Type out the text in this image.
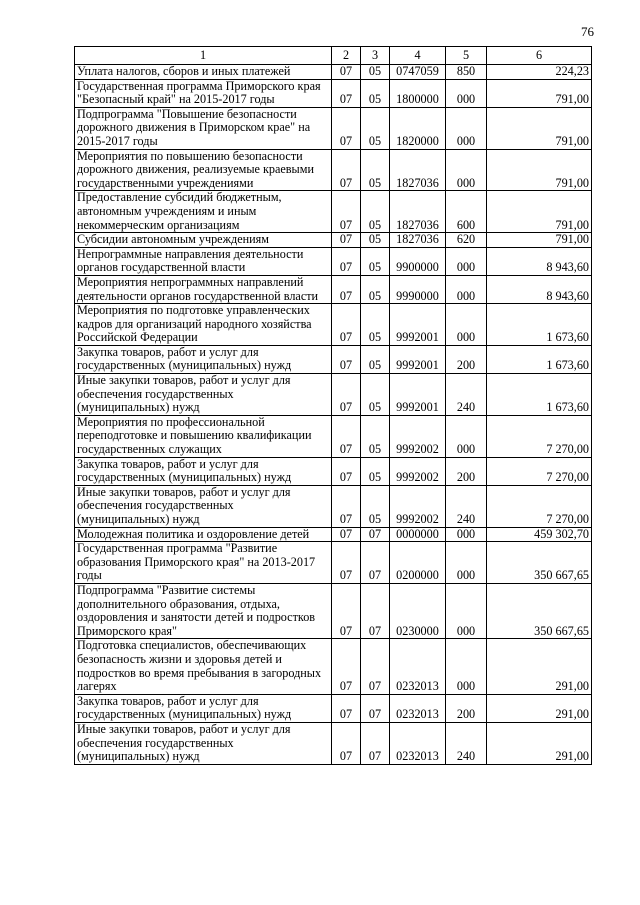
76
1	2	3	4	5	6
Уплата налогов, сборов и иных платежей	07	05	0747059	850	224,23
Государственная программа Приморского края "Безопасный край" на 2015-2017 годы	07	05	1800000	000	791,00
Подпрограмма "Повышение безопасности дорожного движения в Приморском крае" на 2015-2017 годы	07	05	1820000	000	791,00
Мероприятия по повышению безопасности дорожного движения, реализуемые краевыми государственными учреждениями	07	05	1827036	000	791,00
Предоставление субсидий бюджетным, автономным учреждениям и иным некоммерческим организациям	07	05	1827036	600	791,00
Субсидии автономным учреждениям	07	05	1827036	620	791,00
Непрограммные направления деятельности органов государственной власти	07	05	9900000	000	8 943,60
Мероприятия непрограммных направлений деятельности органов государственной власти	07	05	9990000	000	8 943,60
Мероприятия по подготовке управленческих кадров для организаций народного хозяйства Российской Федерации	07	05	9992001	000	1 673,60
Закупка товаров, работ и услуг для государственных (муниципальных) нужд	07	05	9992001	200	1 673,60
Иные закупки товаров, работ и услуг для обеспечения государственных (муниципальных) нужд	07	05	9992001	240	1 673,60
Мероприятия по профессиональной переподготовке и повышению квалификации государственных служащих	07	05	9992002	000	7 270,00
Закупка товаров, работ и услуг для государственных (муниципальных) нужд	07	05	9992002	200	7 270,00
Иные закупки товаров, работ и услуг для обеспечения государственных (муниципальных) нужд	07	05	9992002	240	7 270,00
Молодежная политика и оздоровление детей	07	07	0000000	000	459 302,70
Государственная программа "Развитие образования Приморского края" на 2013-2017 годы	07	07	0200000	000	350 667,65
Подпрограмма "Развитие системы дополнительного образования, отдыха, оздоровления и занятости детей и подростков Приморского края"	07	07	0230000	000	350 667,65
Подготовка специалистов, обеспечивающих безопасность жизни и здоровья детей и подростков во время пребывания в загородных лагерях	07	07	0232013	000	291,00
Закупка товаров, работ и услуг для государственных (муниципальных) нужд	07	07	0232013	200	291,00
Иные закупки товаров, работ и услуг для обеспечения государственных (муниципальных) нужд	07	07	0232013	240	291,00
